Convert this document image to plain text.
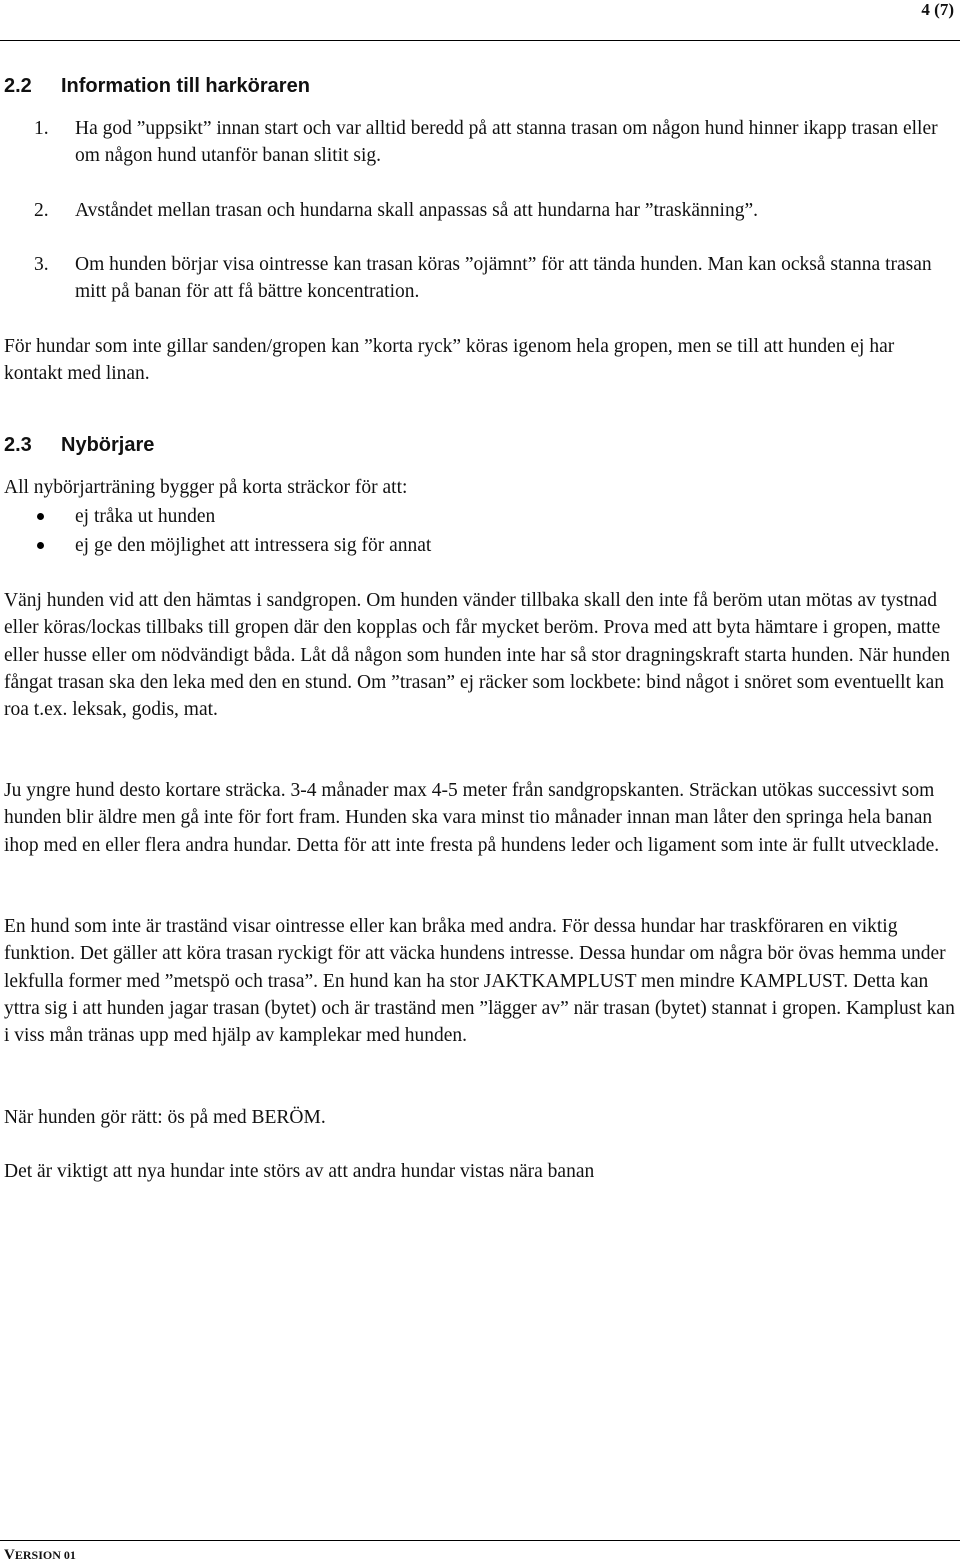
4 (7)
2.2 Information till harköraren
1. Ha god ”uppsikt” innan start och var alltid beredd på att stanna trasan om någon hund hinner ikapp trasan eller om någon hund utanför banan slitit sig.
2. Avståndet mellan trasan och hundarna skall anpassas så att hundarna har ”traskänning”.
3. Om hunden börjar visa ointresse kan trasan köras ”ojämnt” för att tända hunden. Man kan också stanna trasan mitt på banan för att få bättre koncentration.
För hundar som inte gillar sanden/gropen kan ”korta ryck” köras igenom hela gropen, men se till att hunden ej har kontakt med linan.
2.3 Nybörjare
All nybörjarträning bygger på korta sträckor för att:
ej tråka ut hunden
ej ge den möjlighet att intressera sig för annat
Vänj hunden vid att den hämtas i sandgropen. Om hunden vänder tillbaka skall den inte få beröm utan mötas av tystnad eller köras/lockas tillbaks till gropen där den kopplas och får mycket beröm. Prova med att byta hämtare i gropen, matte eller husse eller om nödvändigt båda. Låt då någon som hunden inte har så stor dragningskraft starta hunden. När hunden fångat trasan ska den leka med den en stund. Om ”trasan” ej räcker som lockbete: bind något i snöret som eventuellt kan roa t.ex. leksak, godis, mat.
Ju yngre hund desto kortare sträcka. 3-4 månader max 4-5 meter från sandgropskanten. Sträckan utökas successivt som hunden blir äldre men gå inte för fort fram. Hunden ska vara minst tio månader innan man låter den springa hela banan ihop med en eller flera andra hundar. Detta för att inte fresta på hundens leder och ligament som inte är fullt utvecklade.
En hund som inte är traständ visar ointresse eller kan bråka med andra. För dessa hundar har traskföraren en viktig funktion. Det gäller att köra trasan ryckigt för att väcka hundens intresse. Dessa hundar om några bör övas hemma under lekfulla former med ”metspö och trasa”. En hund kan ha stor JAKTKAMPLUST men mindre KAMPLUST. Detta kan yttra sig i att hunden jagar trasan (bytet) och är traständ men ”lägger av” när trasan (bytet) stannat i gropen. Kamplust kan i viss mån tränas upp med hjälp av kamplekar med hunden.
När hunden gör rätt: ös på med BERÖM.
Det är viktigt att nya hundar inte störs av att andra hundar vistas nära banan
VERSION 01
